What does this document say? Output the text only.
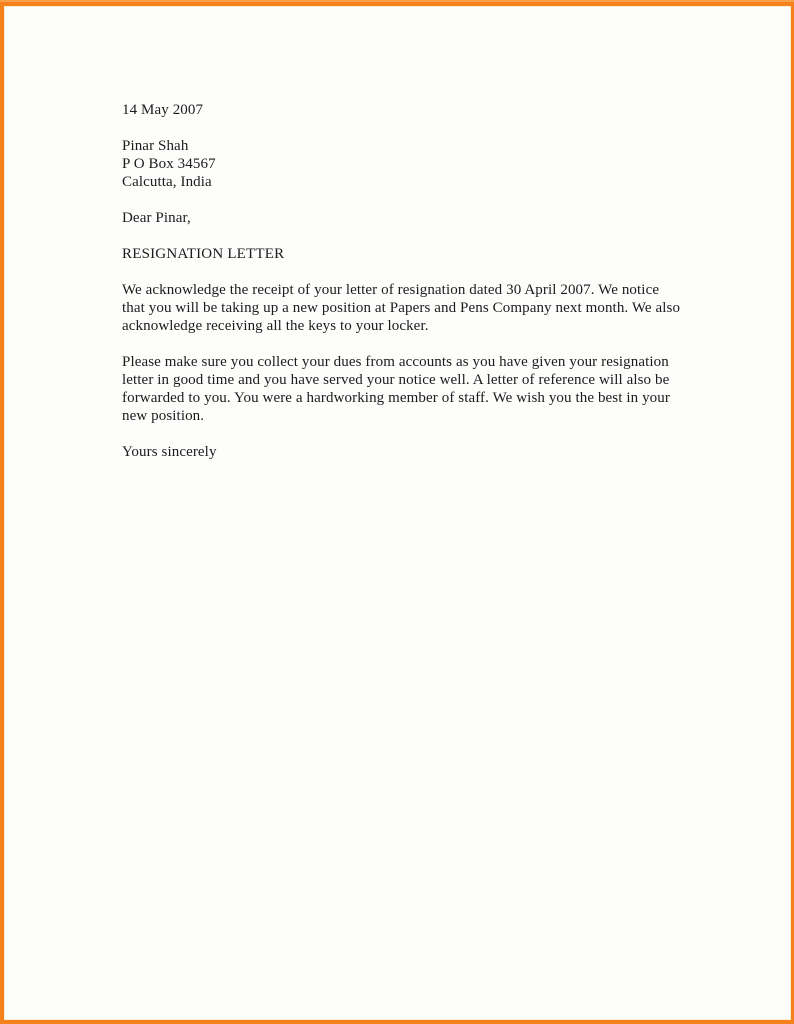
14 May 2007

Pinar Shah

P O Box 34567

Calcutta, India

Dear Pinar,

RESIGNATION LETTER

We acknowledge the receipt of your letter of resignation dated 30 April 2007. We notice that you will be taking up a new position at Papers and Pens Company next month. We also acknowledge receiving all the keys to your locker.

Please make sure you collect your dues from accounts as you have given your resignation letter in good time and you have served your notice well. A letter of reference will also be forwarded to you. You were a hardworking member of staff. We wish you the best in your new position.

Yours sincerely
